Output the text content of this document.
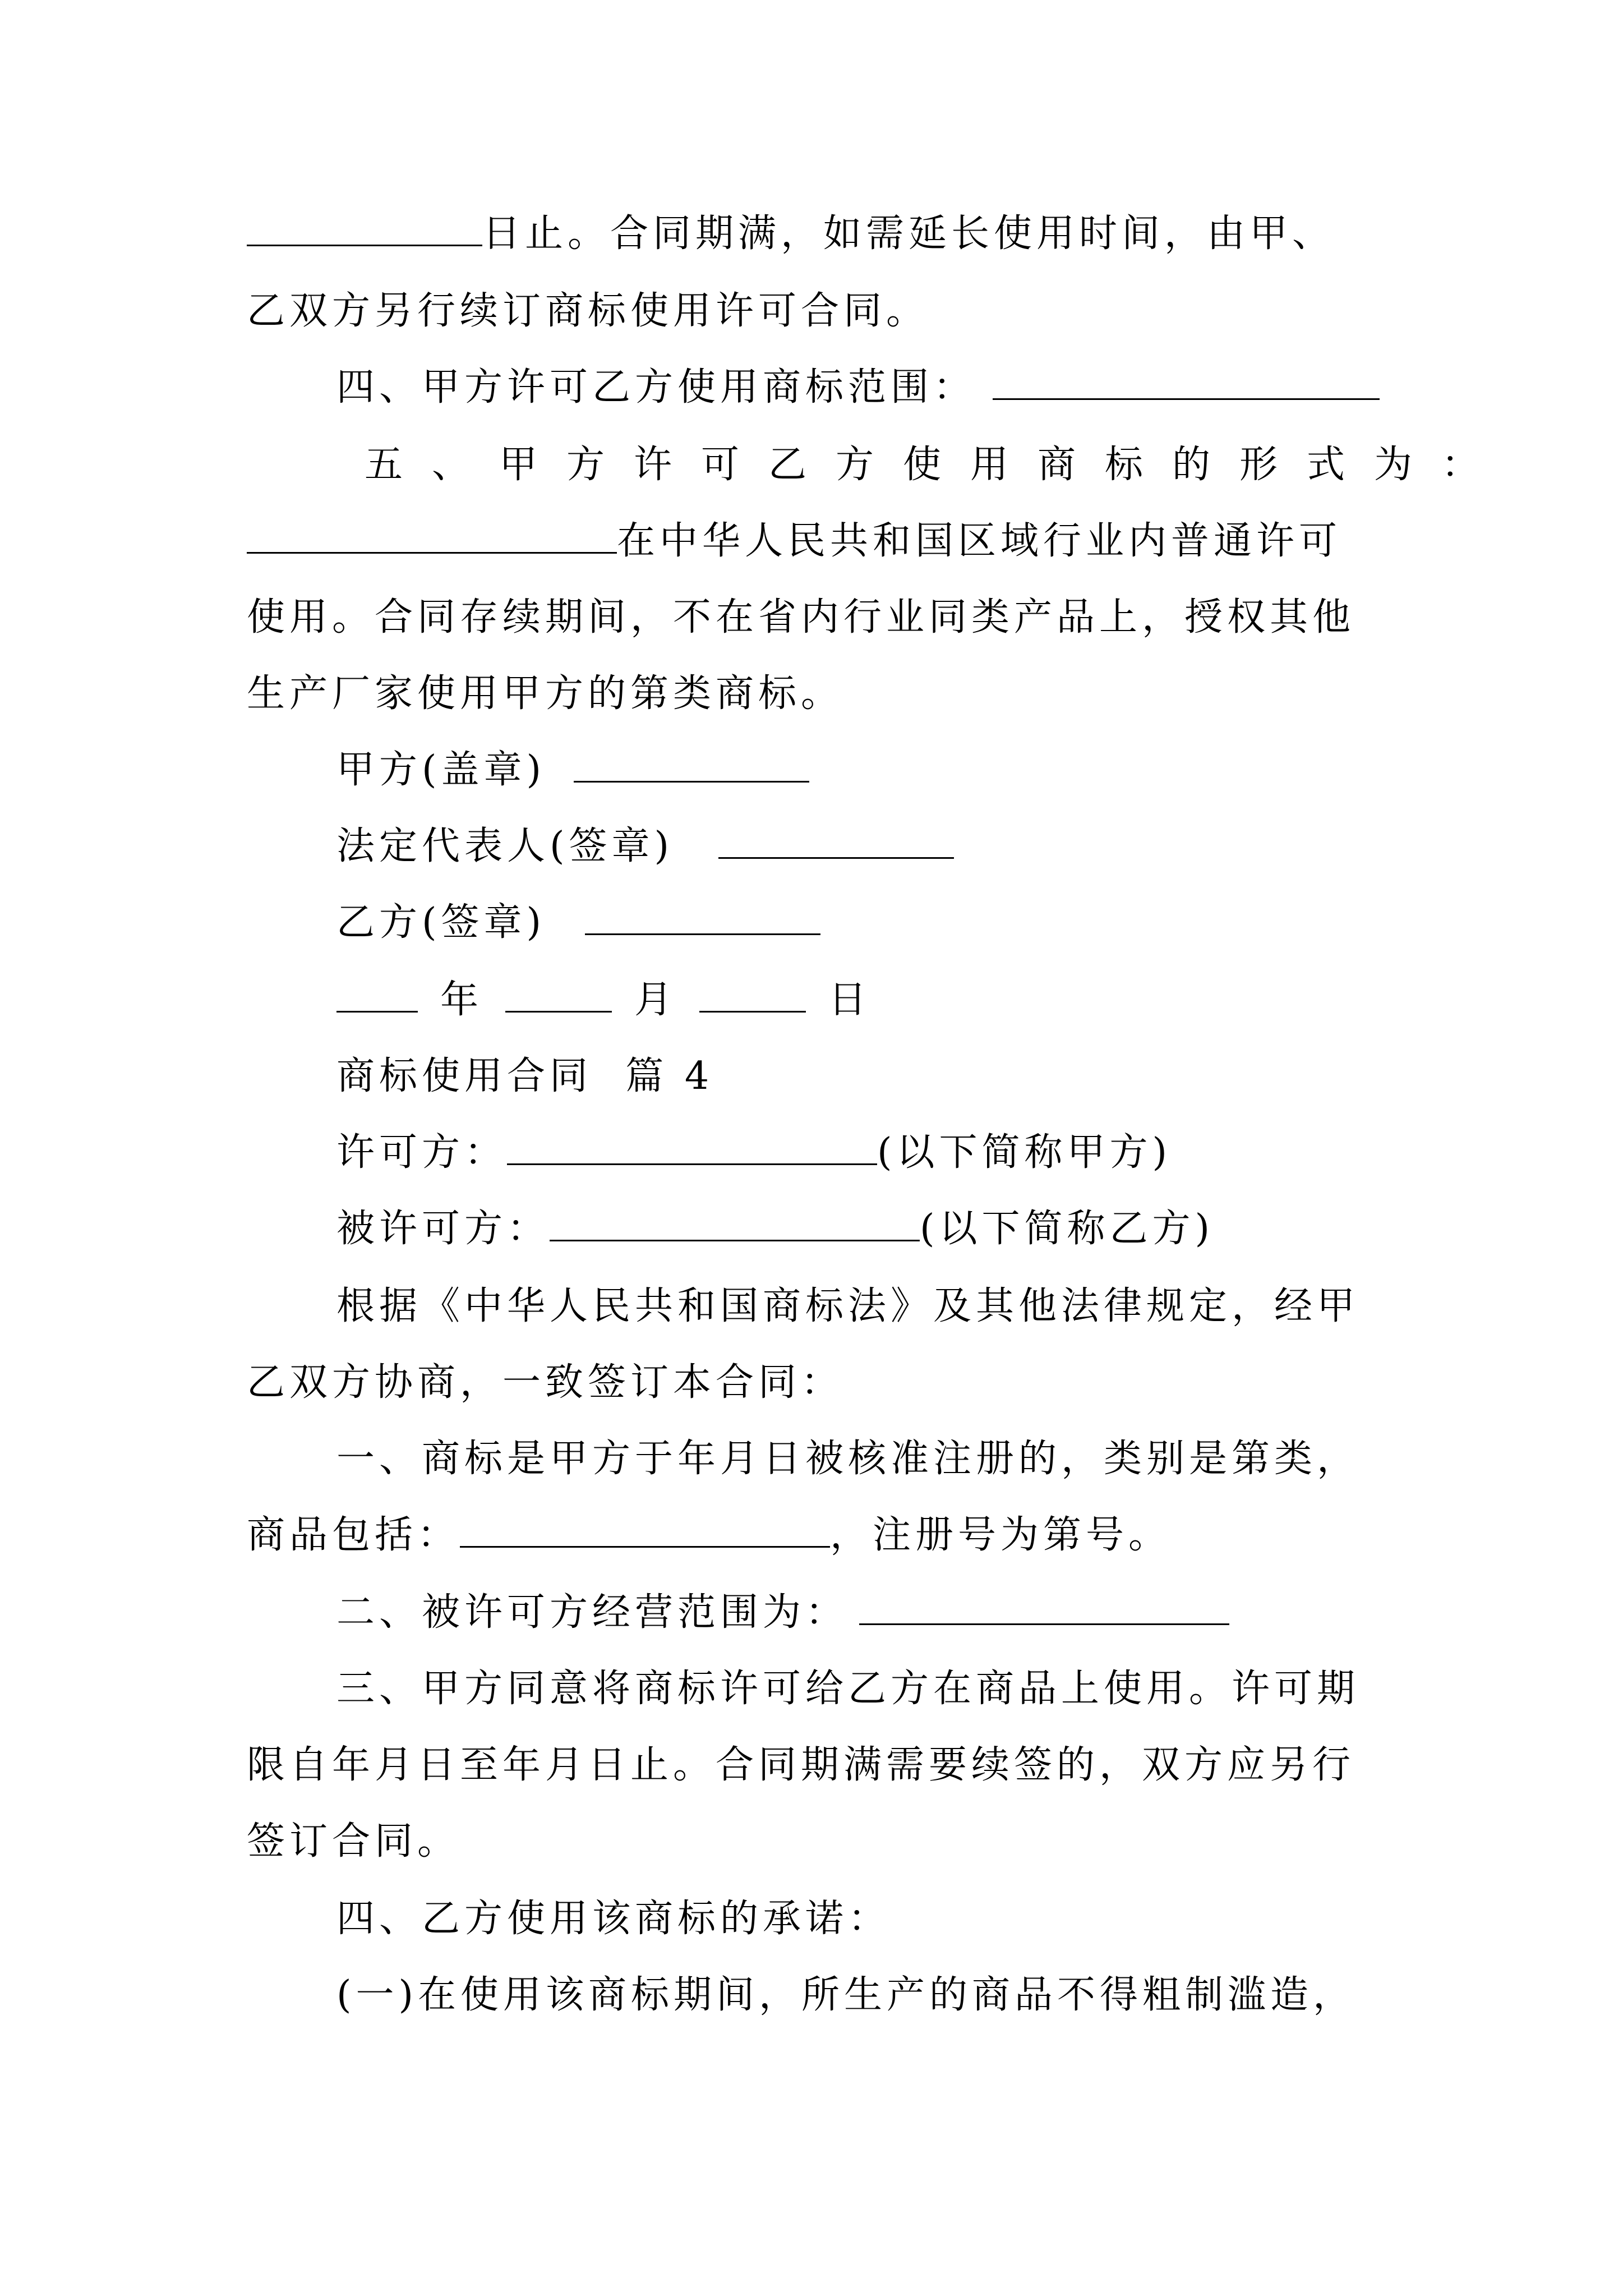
日止。合同期满，如需延长使用时间，由甲、
乙双方另行续订商标使用许可合同。
四、甲方许可乙方使用商标范围：
五、甲方许可乙方使用商标的形式为：
在中华人民共和国区域行业内普通许可
使用。合同存续期间，不在省内行业同类产品上，授权其他
生产厂家使用甲方的第类商标。
甲方(盖章)
法定代表人(签章)
乙方(签章)
年	月	日
商标使用合同  篇 4
许可方：	(以下简称甲方)
被许可方：	(以下简称乙方)
根据《中华人民共和国商标法》及其他法律规定，经甲
乙双方协商，一致签订本合同：
一、商标是甲方于年月日被核准注册的，类别是第类，
商品包括：	，注册号为第号。
二、被许可方经营范围为：
三、甲方同意将商标许可给乙方在商品上使用。许可期
限自年月日至年月日止。合同期满需要续签的，双方应另行
签订合同。
四、乙方使用该商标的承诺：
(一)在使用该商标期间，所生产的商品不得粗制滥造，
